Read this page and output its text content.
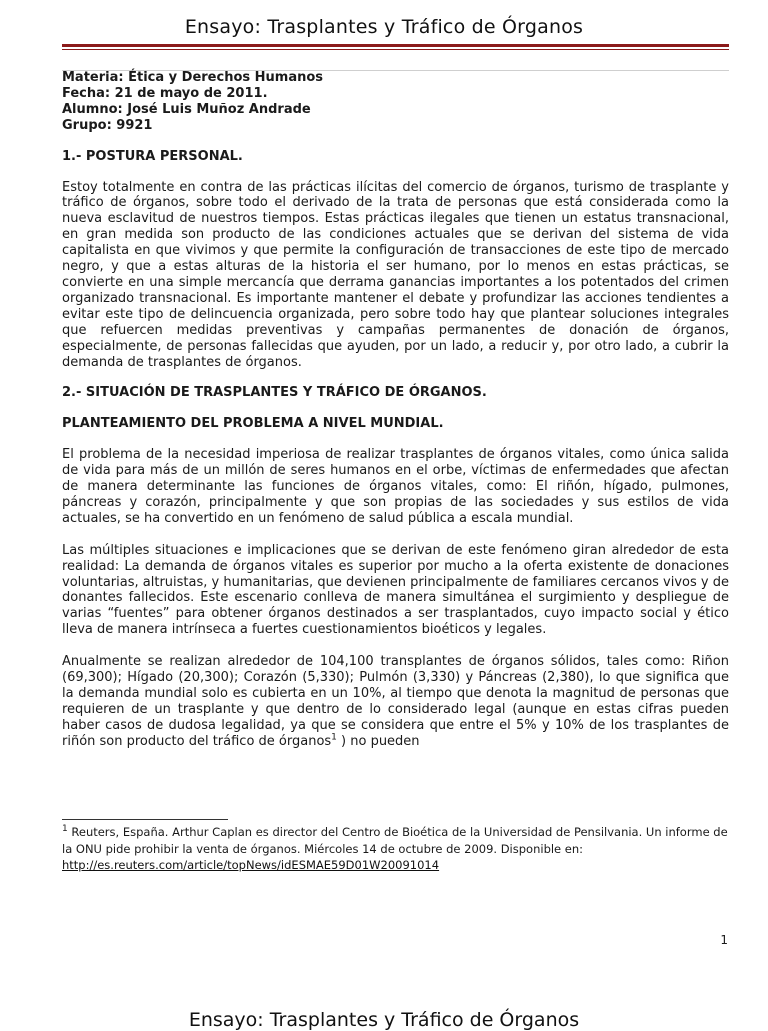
Ensayo: Trasplantes y Tráfico de Órganos
Materia: Ética y Derechos Humanos
Fecha: 21 de mayo de 2011.
Alumno: José Luis Muñoz Andrade
Grupo: 9921
1.- POSTURA PERSONAL.
Estoy totalmente en contra de las prácticas ilícitas del comercio de órganos, turismo de trasplante y tráfico de órganos, sobre todo el derivado de la trata de personas que está considerada como la nueva esclavitud de nuestros tiempos. Estas prácticas ilegales que tienen un estatus transnacional, en gran medida son producto de las condiciones actuales que se derivan del sistema de vida capitalista en que vivimos y que permite la configuración de transacciones de este tipo de mercado negro, y que a estas alturas de la historia el ser humano, por lo menos en estas prácticas, se convierte en una simple mercancía que derrama ganancias importantes a los potentados del crimen organizado transnacional. Es importante mantener el debate y profundizar las acciones tendientes a evitar este tipo de delincuencia organizada, pero sobre todo hay que plantear soluciones integrales que refuercen medidas preventivas y campañas permanentes de donación de órganos, especialmente, de personas fallecidas que ayuden, por un lado, a reducir y, por otro lado, a cubrir la demanda de trasplantes de órganos.
2.- SITUACIÓN DE TRASPLANTES Y TRÁFICO DE ÓRGANOS.
PLANTEAMIENTO DEL PROBLEMA A NIVEL MUNDIAL.
El problema de la necesidad imperiosa de realizar trasplantes de órganos vitales, como única salida de vida para más de un millón de seres humanos en el orbe, víctimas de enfermedades que afectan de manera determinante las funciones de órganos vitales, como: El riñón, hígado, pulmones, páncreas y corazón, principalmente y que son propias de las sociedades y sus estilos de vida actuales, se ha convertido en un fenómeno de salud pública a escala mundial.
Las múltiples situaciones e implicaciones que se derivan de este fenómeno giran alrededor de esta realidad: La demanda de órganos vitales es superior por mucho a la oferta existente de donaciones voluntarias, altruistas, y humanitarias, que devienen principalmente de familiares cercanos vivos y de donantes fallecidos. Este escenario conlleva de manera simultánea el surgimiento y despliegue de varias “fuentes” para obtener órganos destinados a ser trasplantados, cuyo impacto social y ético lleva de manera intrínseca a fuertes cuestionamientos bioéticos y legales.
Anualmente se realizan alrededor de 104,100 transplantes de órganos sólidos, tales como: Riñon (69,300); Hígado (20,300); Corazón (5,330); Pulmón (3,330) y Páncreas (2,380), lo que significa que la demanda mundial solo es cubierta en un 10%, al tiempo que denota la magnitud de personas que requieren de un trasplante y que dentro de lo considerado legal (aunque en estas cifras pueden haber casos de dudosa legalidad, ya que se considera que entre el 5% y 10% de los trasplantes de riñón son producto del tráfico de órganos$^1$ ) no pueden
$^1$ Reuters, España. Arthur Caplan es director del Centro de Bioética de la Universidad de Pensilvania. Un informe de la ONU pide prohibir la venta de órganos. Miércoles 14 de octubre de 2009. Disponible en: http://es.reuters.com/article/topNews/idESMAE59D01W20091014
1
Ensayo: Trasplantes y Tráfico de Órganos
